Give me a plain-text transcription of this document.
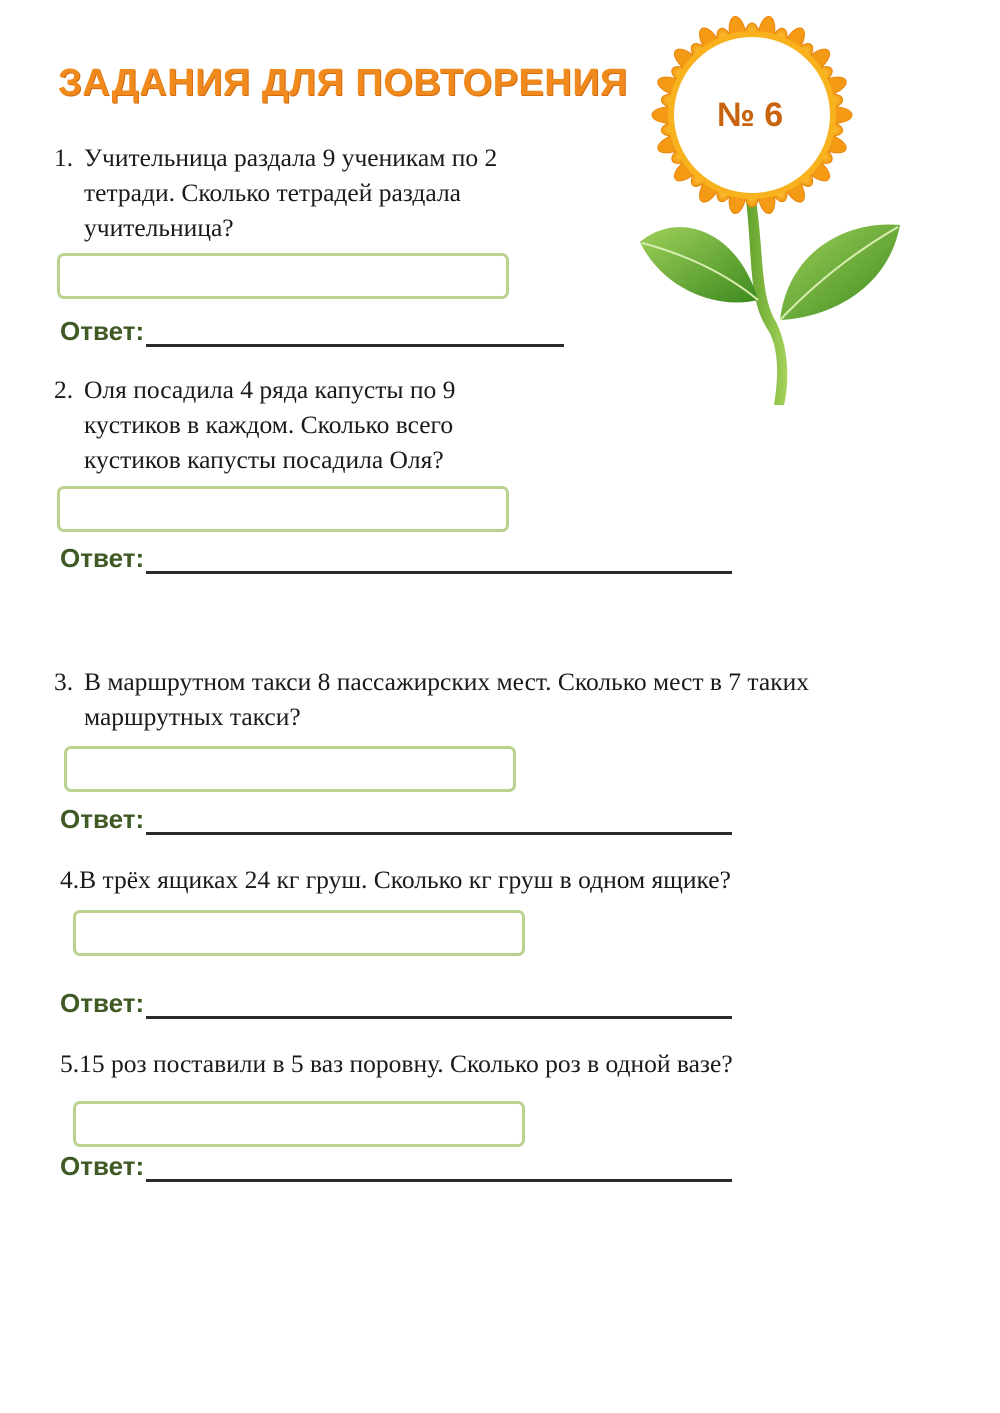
ЗАДАНИЯ ДЛЯ ПОВТОРЕНИЯ
№ 6
1. Учительница раздала 9 ученикам по 2 тетради. Сколько тетрадей раздала учительница?
Ответ:
2. Оля посадила 4 ряда капусты по 9 кустиков в каждом. Сколько всего кустиков капусты посадила Оля?
Ответ:
3. В маршрутном такси 8 пассажирских мест. Сколько мест в 7 таких маршрутных такси?
Ответ:
4.В трёх ящиках 24 кг груш. Сколько кг груш в одном ящике?
Ответ:
5.15 роз поставили в 5 ваз поровну. Сколько роз в одной вазе?
Ответ:
